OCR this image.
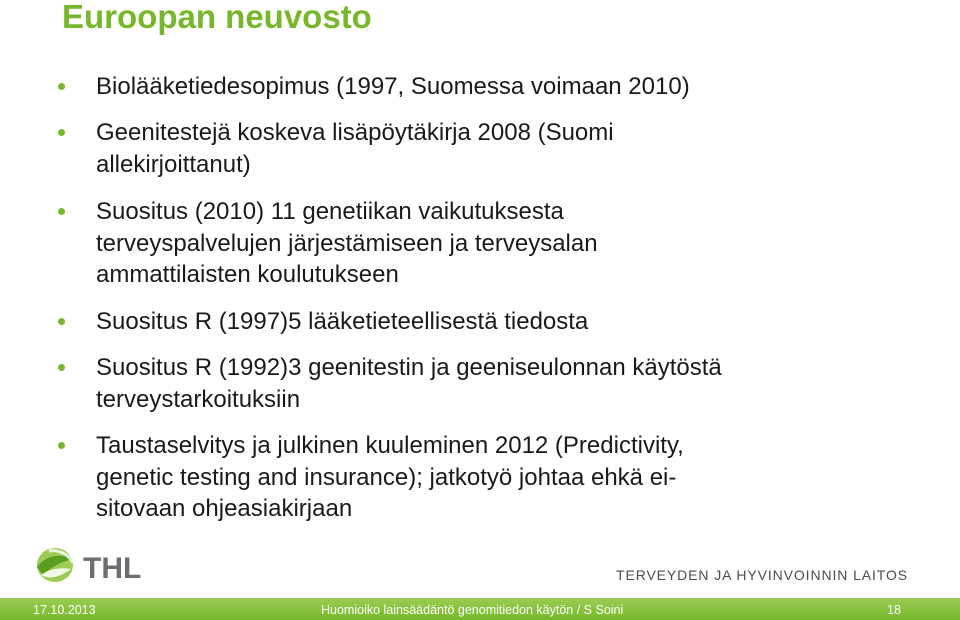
Euroopan neuvosto
Biolääketiedesopimus (1997, Suomessa voimaan 2010)
Geenitestejä koskeva lisäpöytäkirja 2008 (Suomi
allekirjoittanut)
Suositus (2010) 11 genetiikan vaikutuksesta
terveyspalvelujen järjestämiseen ja terveysalan
ammattilaisten koulutukseen
Suositus R (1997)5 lääketieteellisestä tiedosta
Suositus R (1992)3 geenitestin ja geeniseulonnan käytöstä
terveystarkoituksiin
Taustaselvitys ja julkinen kuuleminen 2012 (Predictivity,
genetic testing and insurance); jatkotyö johtaa ehkä ei-
sitovaan ohjeasiakirjaan
THL	TERVEYDEN JA HYVINVOINNIN LAITOS
17.10.2013	Huomioiko lainsäädäntö genomitiedon käytön / S Soini	18
